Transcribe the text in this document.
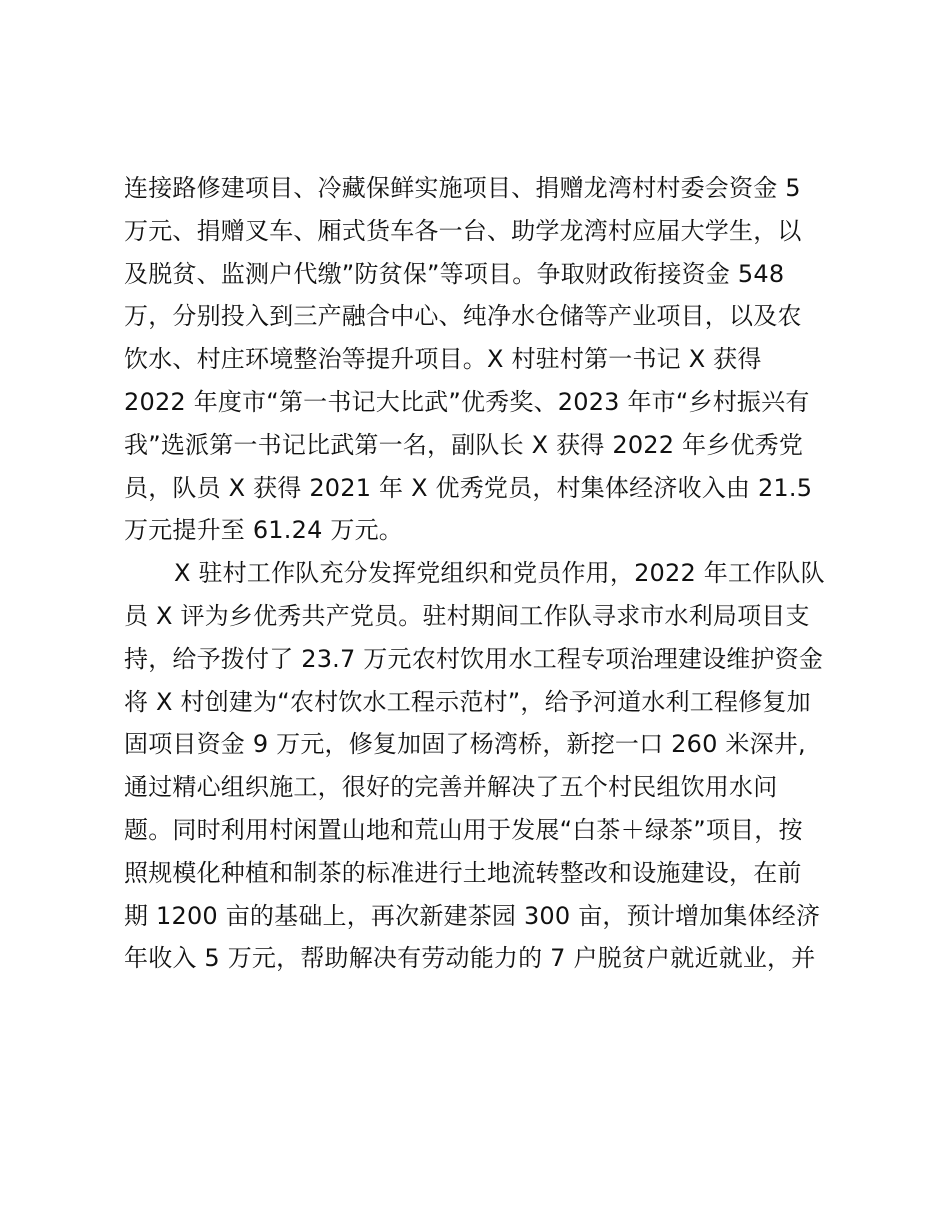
连接路修建项目、冷藏保鲜实施项目、捐赠龙湾村村委会资金 5
万元、捐赠叉车、厢式货车各一台、助学龙湾村应届大学生，以
及脱贫、监测户代缴”防贫保”等项目。争取财政衔接资金 548
万，分别投入到三产融合中心、纯净水仓储等产业项目，以及农
饮水、村庄环境整治等提升项目。X 村驻村第一书记 X 获得
2022 年度市“第一书记大比武”优秀奖、2023 年市“乡村振兴有
我”选派第一书记比武第一名，副队长 X 获得 2022 年乡优秀党
员，队员 X 获得 2021 年 X 优秀党员，村集体经济收入由 21.5
万元提升至 61.24 万元。
X 驻村工作队充分发挥党组织和党员作用，2022 年工作队队
员 X 评为乡优秀共产党员。驻村期间工作队寻求市水利局项目支
持，给予拨付了 23.7 万元农村饮用水工程专项治理建设维护资金
将 X 村创建为“农村饮水工程示范村”，给予河道水利工程修复加
固项目资金 9 万元，修复加固了杨湾桥，新挖一口 260 米深井,
通过精心组织施工，很好的完善并解决了五个村民组饮用水问
题。同时利用村闲置山地和荒山用于发展“白茶＋绿茶”项目，按
照规模化种植和制茶的标准进行土地流转整改和设施建设，在前
期 1200 亩的基础上，再次新建茶园 300 亩，预计增加集体经济
年收入 5 万元，帮助解决有劳动能力的 7 户脱贫户就近就业，并
